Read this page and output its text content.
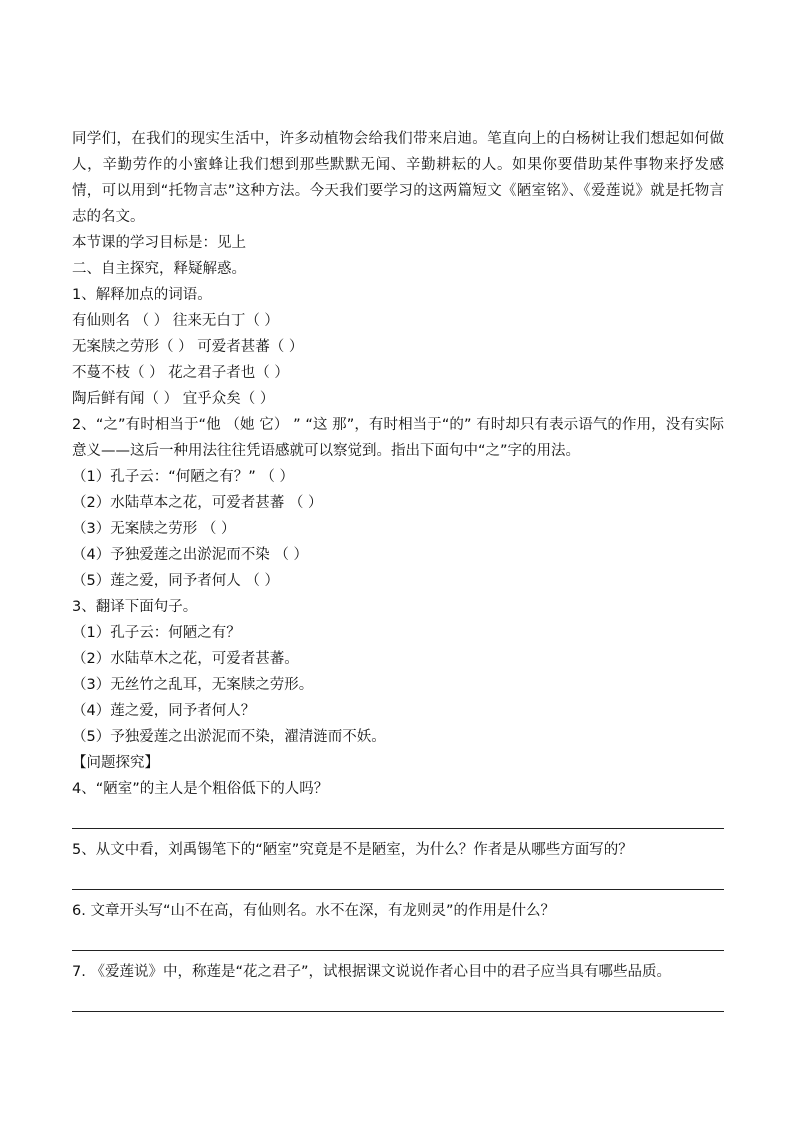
同学们，在我们的现实生活中，许多动植物会给我们带来启迪。笔直向上的白杨树让我们想起如何做人，辛勤劳作的小蜜蜂让我们想到那些默默无闻、辛勤耕耘的人。如果你要借助某件事物来抒发感情，可以用到“托物言志”这种方法。今天我们要学习的这两篇短文《陋室铭》、《爱莲说》就是托物言志的名文。
本节课的学习目标是：见上
二、自主探究，释疑解惑。
1、解释加点的词语。
有仙则名 （ ） 往来无白丁（ ）
无案牍之劳形（ ） 可爱者甚蕃（ ）
不蔓不枝（ ） 花之君子者也（ ）
陶后鲜有闻（ ） 宜乎众矣（ ）
2、“之”有时相当于“他 （她 它） ” “这 那”，有时相当于“的” 有时却只有表示语气的作用，没有实际意义——这后一种用法往往凭语感就可以察觉到。指出下面句中“之”字的用法。
（1）孔子云：“何陋之有？” （ ）
（2）水陆草本之花，可爱者甚蕃 （ ）
（3）无案牍之劳形 （ ）
（4）予独爱莲之出淤泥而不染 （ ）
（5）莲之爱，同予者何人 （ ）
3、翻译下面句子。
（1）孔子云：何陋之有？
（2）水陆草木之花，可爱者甚蕃。
（3）无丝竹之乱耳，无案牍之劳形。
（4）莲之爱，同予者何人？
（5）予独爱莲之出淤泥而不染，濯清涟而不妖。
【问题探究】
4、“陋室”的主人是个粗俗低下的人吗？
5、从文中看，刘禹锡笔下的“陋室”究竟是不是陋室，为什么？作者是从哪些方面写的？
6. 文章开头写“山不在高，有仙则名。水不在深，有龙则灵”的作用是什么？
7. 《爱莲说》中，称莲是“花之君子”，试根据课文说说作者心目中的君子应当具有哪些品质。
